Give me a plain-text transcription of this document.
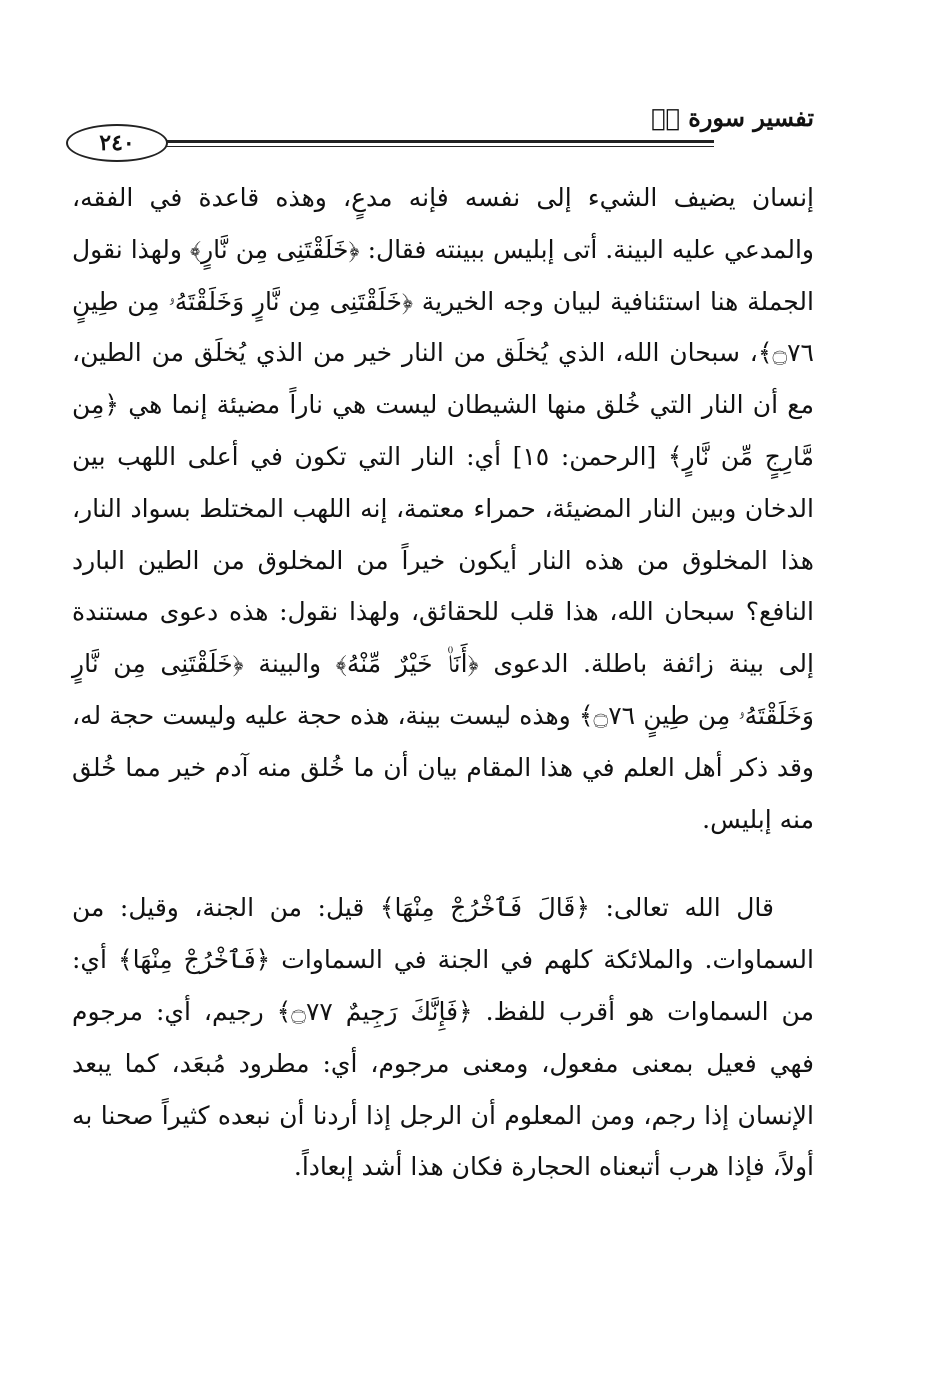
تفسير سورة صۤ
٢٤٠

إنسان يضيف الشيء إلى نفسه فإنه مدعٍ، وهذه قاعدة في الفقه، والمدعي عليه البينة. أتى إبليس ببينته فقال: ﴿خَلَقْتَنِى مِن نَّارٍ﴾ ولهذا نقول الجملة هنا استئنافية لبيان وجه الخيرية ﴿خَلَقْتَنِى مِن نَّارٍ وَخَلَقْتَهُۥ مِن طِينٍ ۝٧٦﴾، سبحان الله، الذي يُخلَق من النار خير من الذي يُخلَق من الطين، مع أن النار التي خُلق منها الشيطان ليست هي ناراً مضيئة إنما هي ﴿مِن مَّارِجٍ مِّن نَّارٍ﴾ [الرحمن: ١٥] أي: النار التي تكون في أعلى اللهب بين الدخان وبين النار المضيئة، حمراء معتمة، إنه اللهب المختلط بسواد النار، هذا المخلوق من هذه النار أيكون خيراً من المخلوق من الطين البارد النافع؟ سبحان الله، هذا قلب للحقائق، ولهذا نقول: هذه دعوى مستندة إلى بينة زائفة باطلة. الدعوى ﴿أَنَا۠ خَيْرٌ مِّنْهُ﴾ والبينة ﴿خَلَقْتَنِى مِن نَّارٍ وَخَلَقْتَهُۥ مِن طِينٍ ۝٧٦﴾ وهذه ليست بينة، هذه حجة عليه وليست حجة له، وقد ذكر أهل العلم في هذا المقام بيان أن ما خُلق منه آدم خير مما خُلق منه إبليس.

قال الله تعالى: ﴿قَالَ فَٱخْرُجْ مِنْهَا﴾ قيل: من الجنة، وقيل: من السماوات. والملائكة كلهم في الجنة في السماوات ﴿فَٱخْرُجْ مِنْهَا﴾ أي: من السماوات هو أقرب للفظ. ﴿فَإِنَّكَ رَجِيمٌ ۝٧٧﴾ رجيم، أي: مرجوم فهي فعيل بمعنى مفعول، ومعنى مرجوم، أي: مطرود مُبعَد، كما يبعد الإنسان إذا رجم، ومن المعلوم أن الرجل إذا أردنا أن نبعده كثيراً صحنا به أولاً، فإذا هرب أتبعناه الحجارة فكان هذا أشد إبعاداً.
